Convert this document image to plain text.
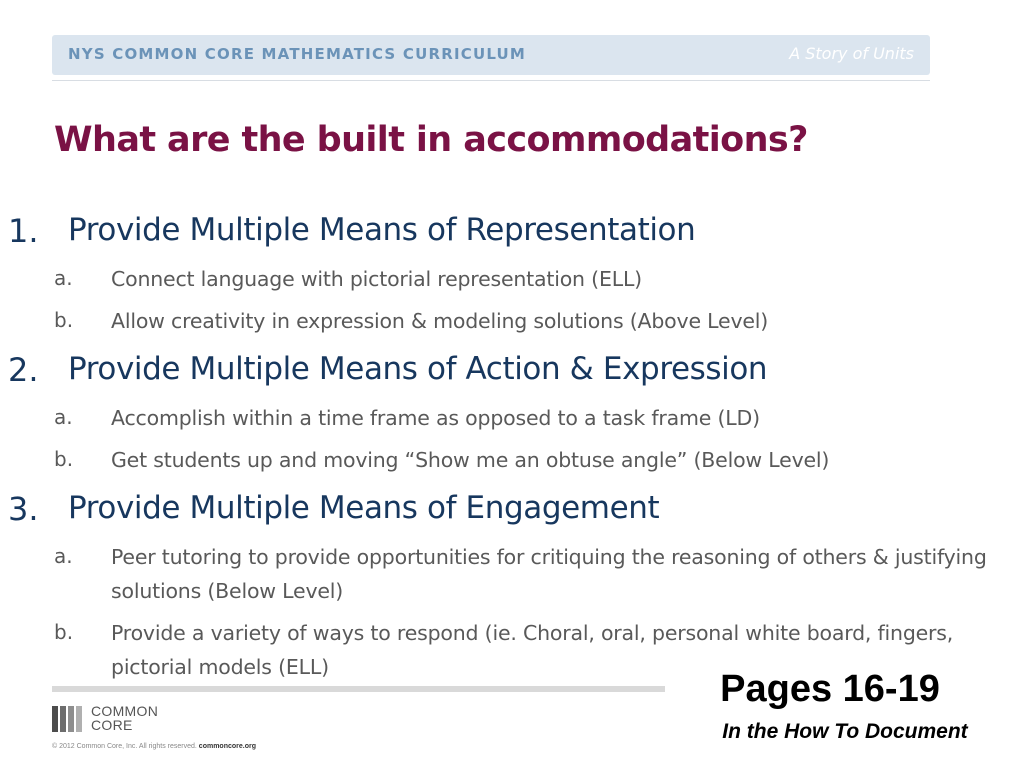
NYS COMMON CORE MATHEMATICS CURRICULUM	A Story of Units
What are the built in accommodations?
1. Provide Multiple Means of Representation
a. Connect language with pictorial representation (ELL)
b. Allow creativity in expression & modeling solutions (Above Level)
2. Provide Multiple Means of Action & Expression
a. Accomplish within a time frame as opposed to a task frame (LD)
b. Get students up and moving “Show me an obtuse angle” (Below Level)
3. Provide Multiple Means of Engagement
a. Peer tutoring to provide opportunities for critiquing the reasoning of others & justifying solutions (Below Level)
b. Provide a variety of ways to respond (ie. Choral, oral, personal white board, fingers, pictorial models (ELL)
COMMON
CORE
© 2012 Common Core, Inc. All rights reserved. commoncore.org
Pages 16-19
In the How To Document
